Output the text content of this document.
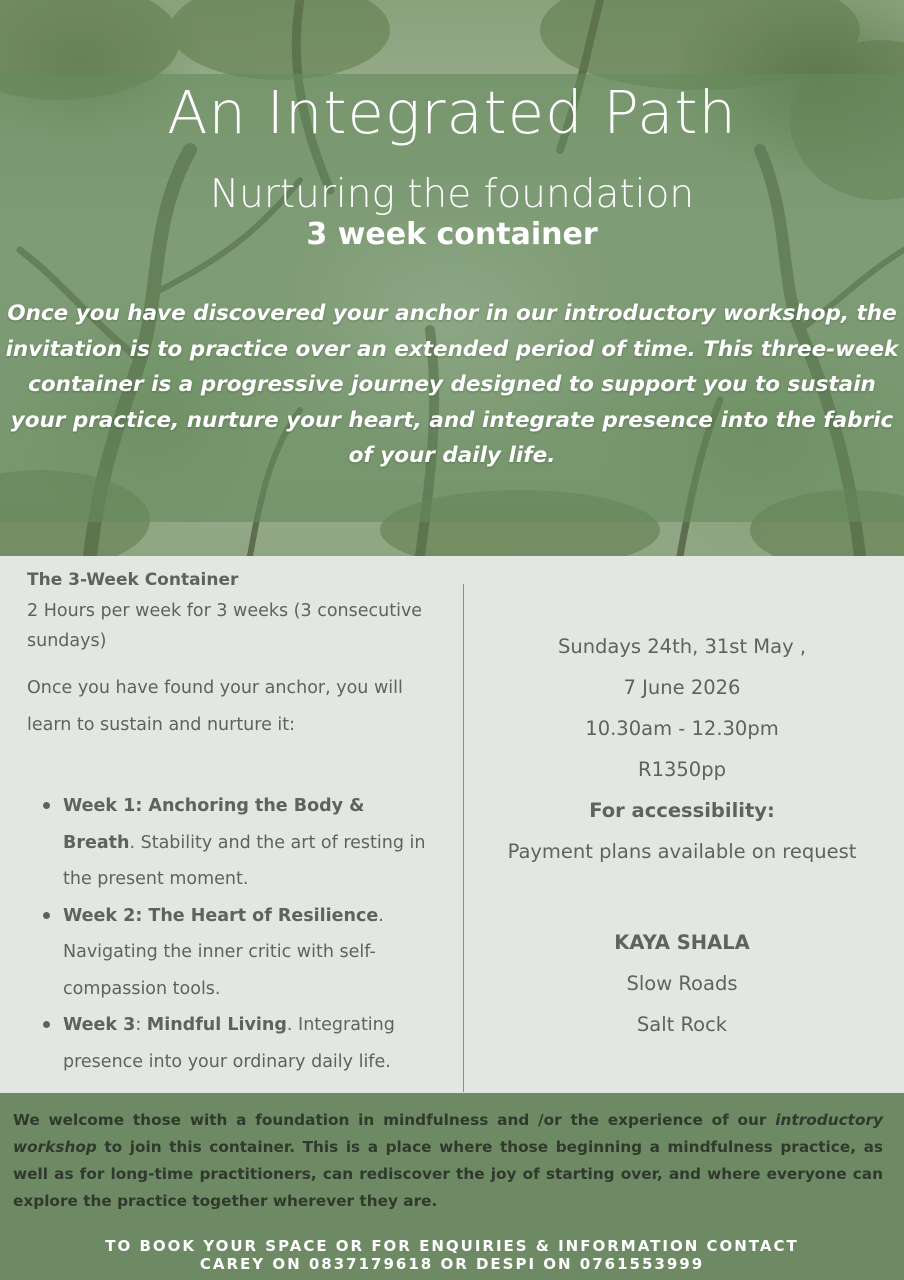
An Integrated Path
Nurturing the foundation
3 week container

Once you have discovered your anchor in our introductory workshop, the invitation is to practice over an extended period of time. This three-week container is a progressive journey designed to support you to sustain your practice, nurture your heart, and integrate presence into the fabric of your daily life.

The 3-Week Container
2 Hours per week for 3 weeks (3 consecutive sundays)
Once you have found your anchor, you will learn to sustain and nurture it:
Week 1: Anchoring the Body & Breath. Stability and the art of resting in the present moment.
Week 2: The Heart of Resilience. Navigating the inner critic with self-compassion tools.
Week 3: Mindful Living. Integrating presence into your ordinary daily life.
Sundays 24th, 31st May ,
7 June 2026
10.30am - 12.30pm
R1350pp
For accessibility:
Payment plans available on request
KAYA SHALA
Slow Roads
Salt Rock

We welcome those with a foundation in mindfulness and /or the experience of our introductory workshop to join this container. This is a place where those beginning a mindfulness practice, as well as for long-time practitioners, can rediscover the joy of starting over, and where everyone can explore the practice together wherever they are.

TO BOOK YOUR SPACE OR FOR ENQUIRIES & INFORMATION CONTACT
CAREY ON 0837179618 OR DESPI ON 0761553999
